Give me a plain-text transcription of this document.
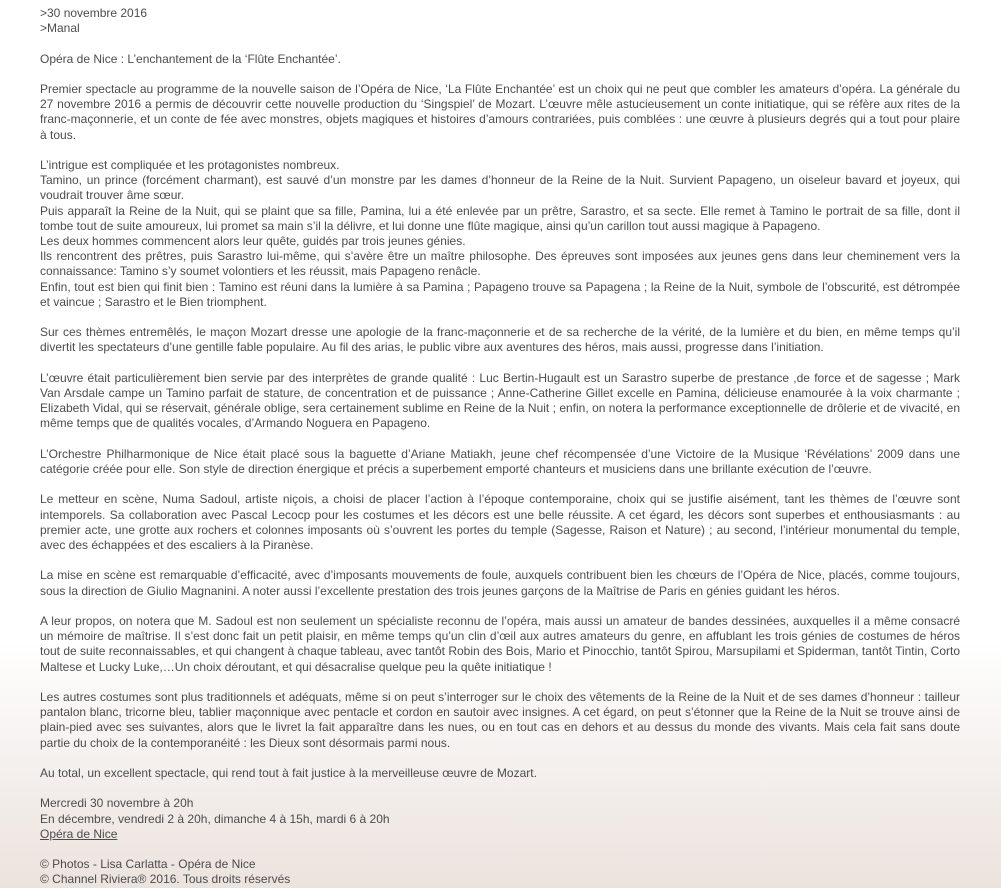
>30 novembre 2016

>Manal

Opéra de Nice : L’enchantement de la ‘Flûte Enchantée’.

Premier spectacle au programme de la nouvelle saison de l’Opéra de Nice, ‘La Flûte Enchantée’ est un choix qui ne peut que combler les amateurs d’opéra. La générale du 27 novembre 2016 a permis de découvrir cette nouvelle production du ‘Singspiel’ de Mozart. L’œuvre mêle astucieusement un conte initiatique, qui se réfère aux rites de la franc-maçonnerie, et un conte de fée avec monstres, objets magiques et histoires d’amours contrariées, puis comblées : une œuvre à plusieurs degrés qui a tout pour plaire à tous.

L’intrigue est compliquée et les protagonistes nombreux.

Tamino, un prince (forcément charmant), est sauvé d’un monstre par les dames d’honneur de la Reine de la Nuit. Survient Papageno, un oiseleur bavard et joyeux, qui voudrait trouver âme sœur.

Puis apparaît la Reine de la Nuit, qui se plaint que sa fille, Pamina, lui a été enlevée par un prêtre, Sarastro, et sa secte. Elle remet à Tamino le portrait de sa fille, dont il tombe tout de suite amoureux, lui promet sa main s’il la délivre, et lui donne une flûte magique, ainsi qu’un carillon tout aussi magique à Papageno.

Les deux hommes commencent alors leur quête, guidés par trois jeunes génies.

Ils rencontrent des prêtres, puis Sarastro lui-même, qui s’avère être un maître philosophe. Des épreuves sont imposées aux jeunes gens dans leur cheminement vers la connaissance: Tamino s’y soumet volontiers et les réussit, mais Papageno renâcle.

Enfin, tout est bien qui finit bien : Tamino est réuni dans la lumière à sa Pamina ; Papageno trouve sa Papagena ; la Reine de la Nuit, symbole de l’obscurité, est détrompée et vaincue ; Sarastro et le Bien triomphent.

Sur ces thèmes entremêlés, le maçon Mozart dresse une apologie de la franc-maçonnerie et de sa recherche de la vérité, de la lumière et du bien, en même temps qu’il divertit les spectateurs d’une gentille fable populaire. Au fil des arias, le public vibre aux aventures des héros, mais aussi, progresse dans l’initiation.

L’œuvre était particulièrement bien servie par des interprètes de grande qualité : Luc Bertin-Hugault est un Sarastro superbe de prestance ,de force et de sagesse ; Mark Van Arsdale campe un Tamino parfait de stature, de concentration et de puissance ; Anne-Catherine Gillet excelle en Pamina, délicieuse enamourée à la voix charmante ; Elizabeth Vidal, qui se réservait, générale oblige, sera certainement sublime en Reine de la Nuit ; enfin, on notera la performance exceptionnelle de drôlerie et de vivacité, en même temps que de qualités vocales, d’Armando Noguera en Papageno.

L’Orchestre Philharmonique de Nice était placé sous la baguette d’Ariane Matiakh, jeune chef récompensée d’une Victoire de la Musique ‘Révélations’ 2009 dans une catégorie créée pour elle. Son style de direction énergique et précis a superbement emporté chanteurs et musiciens dans une brillante exécution de l’œuvre.

Le metteur en scène, Numa Sadoul, artiste niçois, a choisi de placer l’action à l’époque contemporaine, choix qui se justifie aisément, tant les thèmes de l’œuvre sont intemporels. Sa collaboration avec Pascal Lecocp pour les costumes et les décors est une belle réussite. A cet égard, les décors sont superbes et enthousiasmants : au premier acte, une grotte aux rochers et colonnes imposants où s’ouvrent les portes du temple (Sagesse, Raison et Nature) ; au second, l’intérieur monumental du temple, avec des échappées et des escaliers à la Piranèse.

La mise en scène est remarquable d’efficacité, avec d’imposants mouvements de foule, auxquels contribuent bien les chœurs de l’Opéra de Nice, placés, comme toujours, sous la direction de Giulio Magnanini. A noter aussi l’excellente prestation des trois jeunes garçons de la Maîtrise de Paris en génies guidant les héros.

A leur propos, on notera que M. Sadoul est non seulement un spécialiste reconnu de l’opéra, mais aussi un amateur de bandes dessinées, auxquelles il a même consacré un mémoire de maîtrise. Il s’est donc fait un petit plaisir, en même temps qu’un clin d’œil aux autres amateurs du genre, en affublant les trois génies de costumes de héros tout de suite reconnaissables, et qui changent à chaque tableau, avec tantôt Robin des Bois, Mario et Pinocchio, tantôt Spirou, Marsupilami et Spiderman, tantôt Tintin, Corto Maltese et Lucky Luke,…Un choix déroutant, et qui désacralise quelque peu la quête initiatique !

Les autres costumes sont plus traditionnels et adéquats, même si on peut s’interroger sur le choix des vêtements de la Reine de la Nuit et de ses dames d’honneur : tailleur pantalon blanc, tricorne bleu, tablier maçonnique avec pentacle et cordon en sautoir avec insignes. A cet égard, on peut s’étonner que la Reine de la Nuit se trouve ainsi de plain-pied avec ses suivantes, alors que le livret la fait apparaître dans les nues, ou en tout cas en dehors et au dessus du monde des vivants. Mais cela fait sans doute partie du choix de la contemporanéité : les Dieux sont désormais parmi nous.

Au total, un excellent spectacle, qui rend tout à fait justice à la merveilleuse œuvre de Mozart.

Mercredi 30 novembre à 20h

En décembre, vendredi 2 à 20h, dimanche 4 à 15h, mardi 6 à 20h

Opéra de Nice

© Photos - Lisa Carlatta - Opéra de Nice

© Channel Riviera® 2016. Tous droits réservés
